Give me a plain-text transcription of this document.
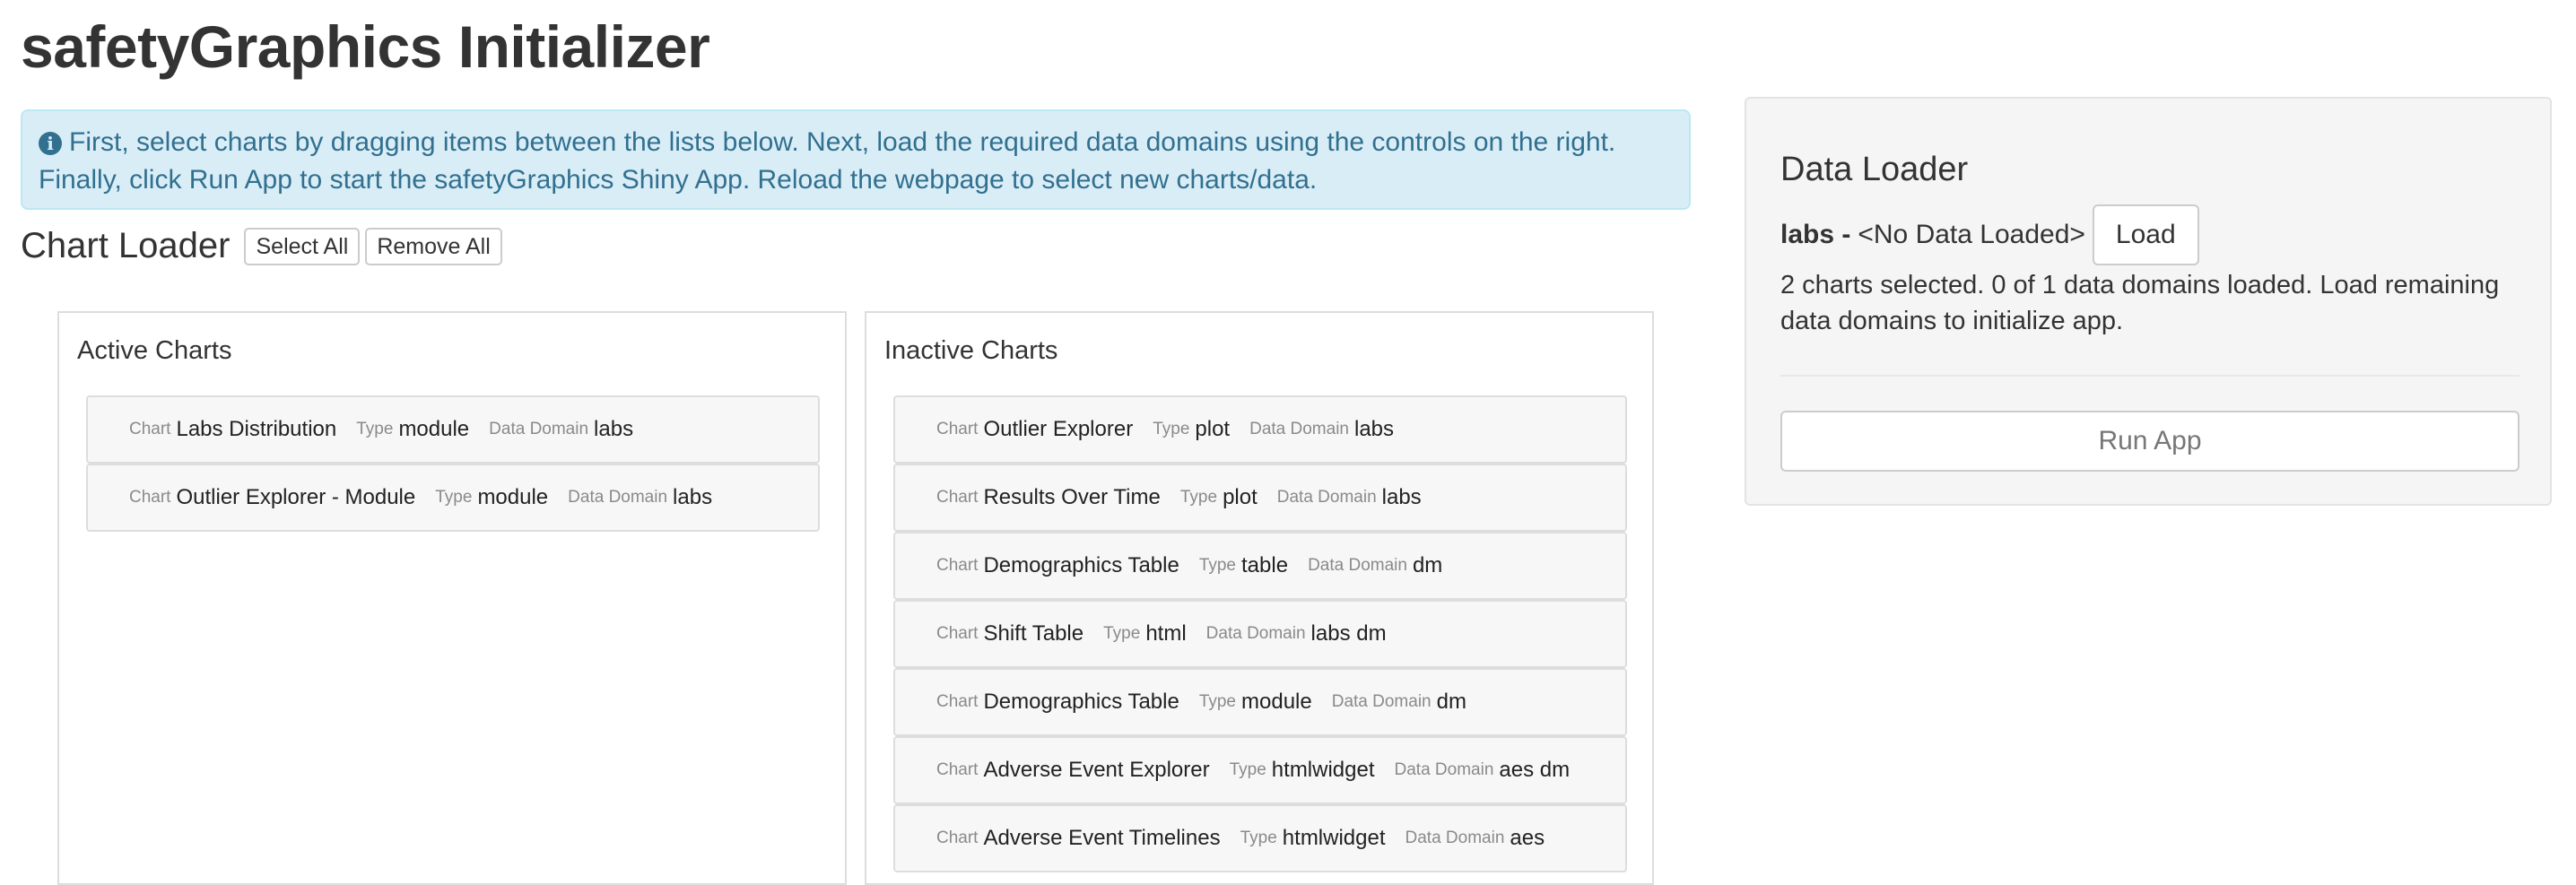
safetyGraphics Initializer
i First, select charts by dragging items between the lists below. Next, load the required data domains using the controls on the right. Finally, click Run App to start the safetyGraphics Shiny App. Reload the webpage to select new charts/data.
Chart Loader	Select All	Remove All
Active Charts
Chart Labs Distribution Type module Data Domain labs
Chart Outlier Explorer - Module Type module Data Domain labs
Inactive Charts
Chart Outlier Explorer Type plot Data Domain labs
Chart Results Over Time Type plot Data Domain labs
Chart Demographics Table Type table Data Domain dm
Chart Shift Table Type html Data Domain labs dm
Chart Demographics Table Type module Data Domain dm
Chart Adverse Event Explorer Type htmlwidget Data Domain aes dm
Chart Adverse Event Timelines Type htmlwidget Data Domain aes
Data Loader
labs - <No Data Loaded>	Load
2 charts selected. 0 of 1 data domains loaded. Load remaining data domains to initialize app.
Run App
